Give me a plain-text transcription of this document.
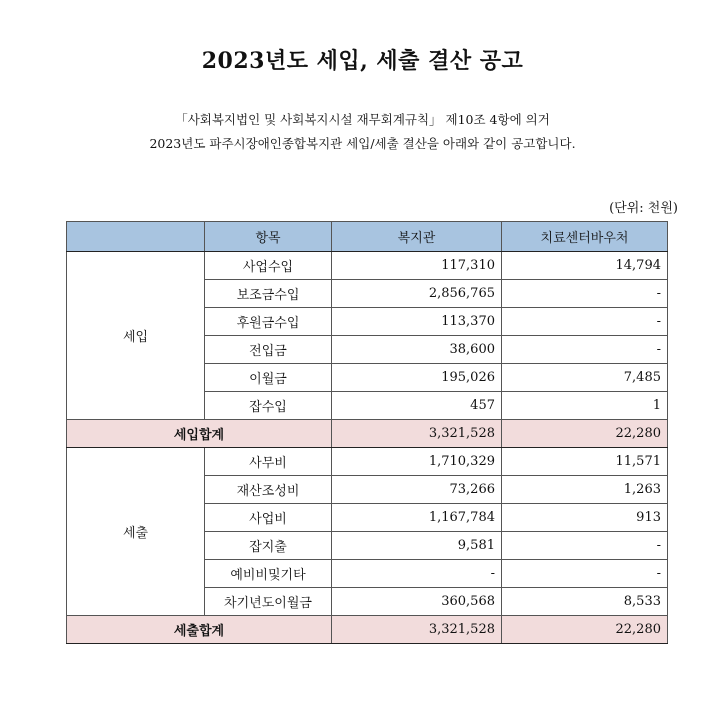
2023년도 세입, 세출 결산 공고
「사회복지법인 및 사회복지시설 재무회계규칙」 제10조 4항에 의거
2023년도 파주시장애인종합복지관 세입/세출 결산을 아래와 같이 공고합니다.
(단위: 천원)
	항목	복지관	치료센터바우처
세입	사업수입	117,310	14,794
	보조금수입	2,856,765	-
	후원금수입	113,370	-
	전입금	38,600	-
	이월금	195,026	7,485
	잡수입	457	1
세입합계		3,321,528	22,280
세출	사무비	1,710,329	11,571
	재산조성비	73,266	1,263
	사업비	1,167,784	913
	잡지출	9,581	-
	예비비및기타	-	-
	차기년도이월금	360,568	8,533
세출합계		3,321,528	22,280
